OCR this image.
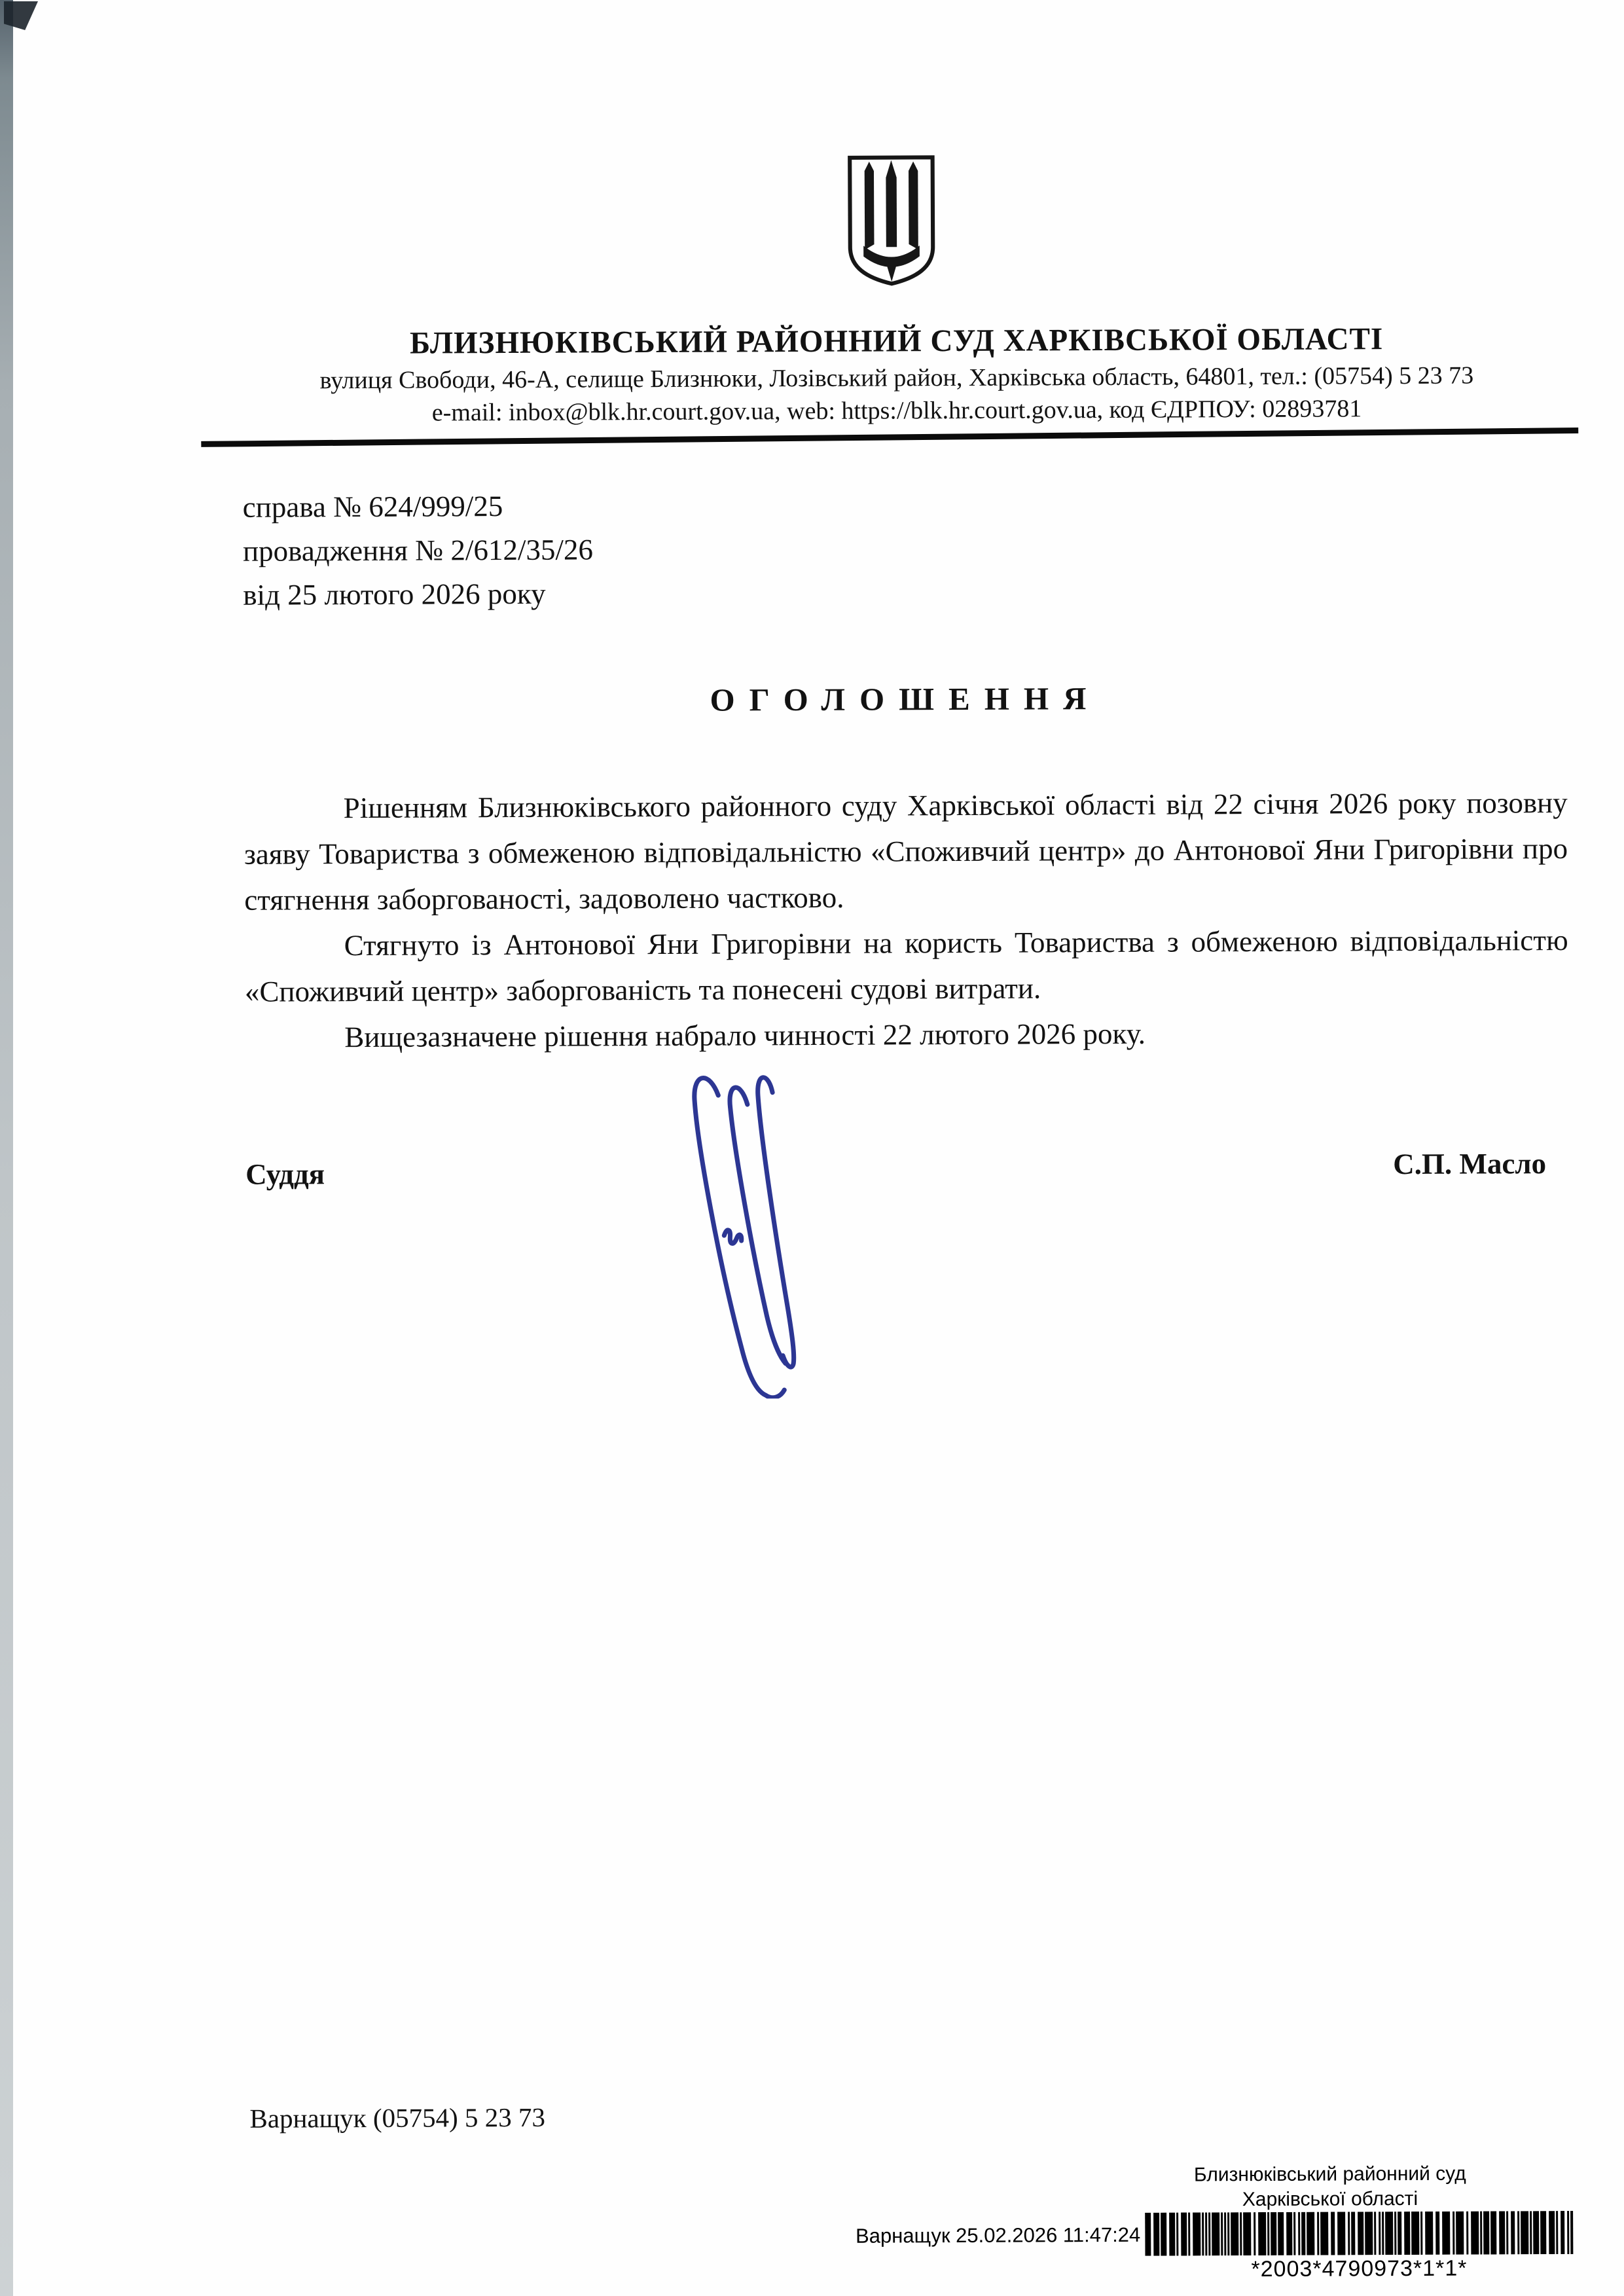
БЛИЗНЮКІВСЬКИЙ РАЙОННИЙ СУД ХАРКІВСЬКОЇ ОБЛАСТІ
вулиця Свободи, 46-А, селище Близнюки, Лозівський район, Харківська область, 64801, тел.: (05754) 5 23 73
e-mail: inbox@blk.hr.court.gov.ua, web: https://blk.hr.court.gov.ua, код ЄДРПОУ: 02893781
справа № 624/999/25
провадження № 2/612/35/26
від 25 лютого 2026 року
ОГОЛОШЕННЯ

Рішенням Близнюківського районного суду Харківської області від 22 січня 2026 року позовну заяву Товариства з обмеженою відповідальністю «Споживчий центр» до Антонової Яни Григорівни про стягнення заборгованості, задоволено частково.

Стягнуто із Антонової Яни Григорівни на користь Товариства з обмеженою відповідальністю «Споживчий центр» заборгованість та понесені судові витрати.

Вищезазначене рішення набрало чинності 22 лютого 2026 року.

Суддя	С.П. Масло
Варнащук (05754) 5 23 73
Близнюківський районний суд
Харківської області
Варнащук 25.02.2026 11:47:24
*2003*4790973*1*1*
